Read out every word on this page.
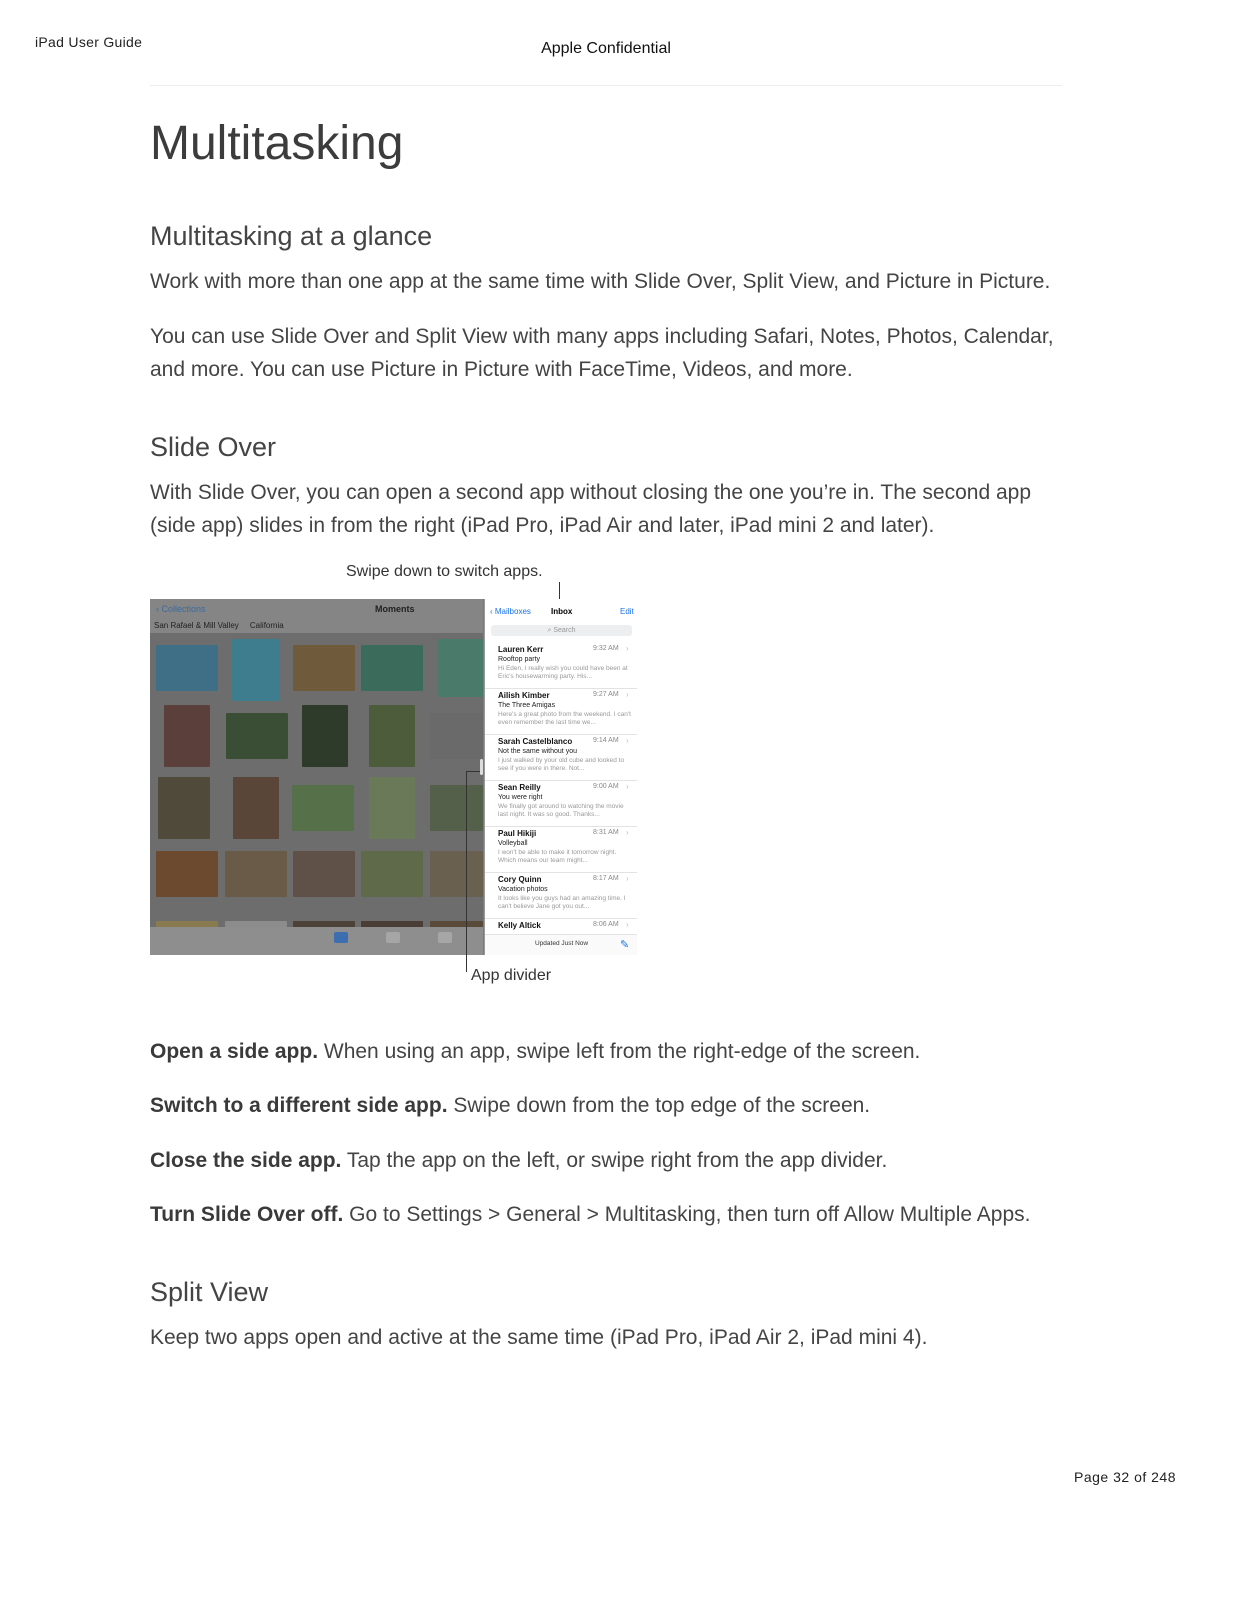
iPad User Guide	Apple Confidential
Multitasking
Multitasking at a glance

Work with more than one app at the same time with Slide Over, Split View, and Picture in Picture.

You can use Slide Over and Split View with many apps including Safari, Notes, Photos, Calendar, and more. You can use Picture in Picture with FaceTime, Videos, and more.

Slide Over

With Slide Over, you can open a second app without closing the one you’re in. The second app (side app) slides in from the right (iPad Pro, iPad Air and later, iPad mini 2 and later).

Swipe down to switch apps.
‹ Collections	Moments
San Rafael & Mill Valley California
‹ Mailboxes	Inbox	Edit
⌕ Search
Lauren Kerr	9:32 AM ›
Rooftop party
Hi Eden, I really wish you could have been at Eric's housewarming party. His...
Ailish Kimber	9:27 AM ›
The Three Amigas
Here's a great photo from the weekend. I can't even remember the last time we...
Sarah Castelblanco	9:14 AM ›
Not the same without you
I just walked by your old cube and looked to see if you were in there. Not...
Sean Reilly	9:00 AM ›
You were right
We finally got around to watching the movie last night. It was so good. Thanks...
Paul Hikiji	8:31 AM ›
Volleyball
I won't be able to make it tomorrow night. Which means our team might...
Cory Quinn	8:17 AM ›
Vacation photos
It looks like you guys had an amazing time. I can't believe Jane got you out...
Kelly Altick	8:06 AM ›
Updated Just Now	✎
App divider

Open a side app. When using an app, swipe left from the right-edge of the screen.

Switch to a different side app. Swipe down from the top edge of the screen.

Close the side app. Tap the app on the left, or swipe right from the app divider.

Turn Slide Over off. Go to Settings > General > Multitasking, then turn off Allow Multiple Apps.

Split View

Keep two apps open and active at the same time (iPad Pro, iPad Air 2, iPad mini 4).

Page 32 of 248
